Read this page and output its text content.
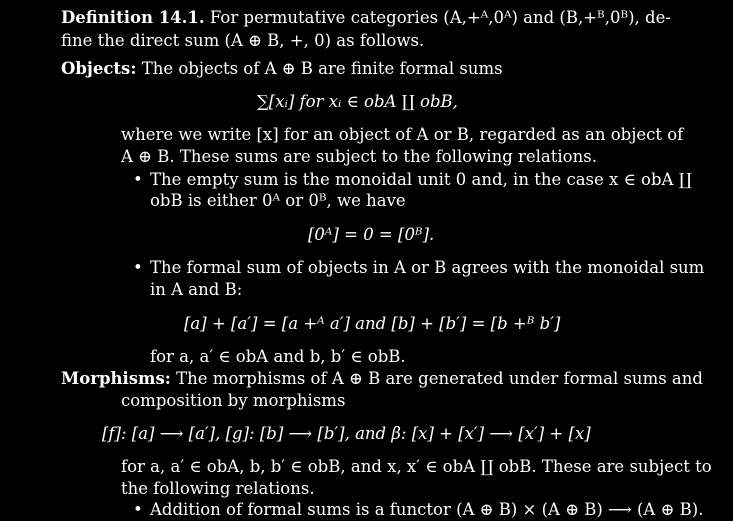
Definition 14.1. For permutative categories (A,+ᴬ,0ᴬ) and (B,+ᴮ,0ᴮ), de-
fine the direct sum (A ⊕ B, +, 0) as follows.
Objects: The objects of A ⊕ B are finite formal sums
∑[xᵢ] for xᵢ ∈ obA ∐ obB,
where we write [x] for an object of A or B, regarded as an object of
A ⊕ B. These sums are subject to the following relations.
• The empty sum is the monoidal unit 0 and, in the case x ∈ obA ∐
obB is either 0ᴬ or 0ᴮ, we have
[0ᴬ] = 0 = [0ᴮ].
• The formal sum of objects in A or B agrees with the monoidal sum
in A and B:
[a] + [a′] = [a +ᴬ a′] and [b] + [b′] = [b +ᴮ b′]
for a, a′ ∈ obA and b, b′ ∈ obB.
Morphisms: The morphisms of A ⊕ B are generated under formal sums and
composition by morphisms
[f]: [a] ⟶ [a′], [g]: [b] ⟶ [b′], and β: [x] + [x′] ⟶ [x′] + [x]
for a, a′ ∈ obA, b, b′ ∈ obB, and x, x′ ∈ obA ∐ obB. These are subject to
the following relations.
• Addition of formal sums is a functor (A ⊕ B) × (A ⊕ B) ⟶ (A ⊕ B).
